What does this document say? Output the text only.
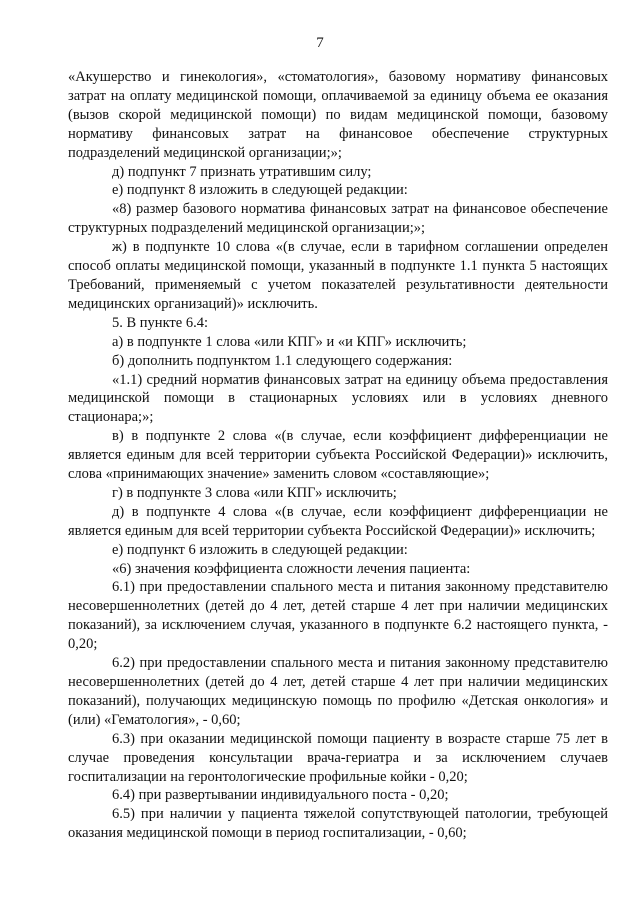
7

«Акушерство и гинекология», «стоматология», базовому нормативу финансовых затрат на оплату медицинской помощи, оплачиваемой за единицу объема ее оказания (вызов скорой медицинской помощи) по видам медицинской помощи, базовому нормативу финансовых затрат на финансовое обеспечение структурных подразделений медицинской организации;»;

д) подпункт 7 признать утратившим силу;

е) подпункт 8 изложить в следующей редакции:

«8) размер базового норматива финансовых затрат на финансовое обеспечение структурных подразделений медицинской организации;»;

ж) в подпункте 10 слова «(в случае, если в тарифном соглашении определен способ оплаты медицинской помощи, указанный в подпункте 1.1 пункта 5 настоящих Требований, применяемый с учетом показателей результативности деятельности медицинских организаций)» исключить.

5. В пункте 6.4:

а) в подпункте 1 слова «или КПГ» и «и КПГ» исключить;

б) дополнить подпунктом 1.1 следующего содержания:

«1.1) средний норматив финансовых затрат на единицу объема предоставления медицинской помощи в стационарных условиях или в условиях дневного стационара;»;

в) в подпункте 2 слова «(в случае, если коэффициент дифференциации не является единым для всей территории субъекта Российской Федерации)» исключить, слова «принимающих значение» заменить словом «составляющие»;

г) в подпункте 3 слова «или КПГ» исключить;

д) в подпункте 4 слова «(в случае, если коэффициент дифференциации не является единым для всей территории субъекта Российской Федерации)» исключить;

е) подпункт 6 изложить в следующей редакции:

«6) значения коэффициента сложности лечения пациента:

6.1) при предоставлении спального места и питания законному представителю несовершеннолетних (детей до 4 лет, детей старше 4 лет при наличии медицинских показаний), за исключением случая, указанного в подпункте 6.2 настоящего пункта, - 0,20;

6.2) при предоставлении спального места и питания законному представителю несовершеннолетних (детей до 4 лет, детей старше 4 лет при наличии медицинских показаний), получающих медицинскую помощь по профилю «Детская онкология» и (или) «Гематология», - 0,60;

6.3) при оказании медицинской помощи пациенту в возрасте старше 75 лет в случае проведения консультации врача-гериатра и за исключением случаев госпитализации на геронтологические профильные койки - 0,20;

6.4) при развертывании индивидуального поста - 0,20;

6.5) при наличии у пациента тяжелой сопутствующей патологии, требующей оказания медицинской помощи в период госпитализации, - 0,60;
